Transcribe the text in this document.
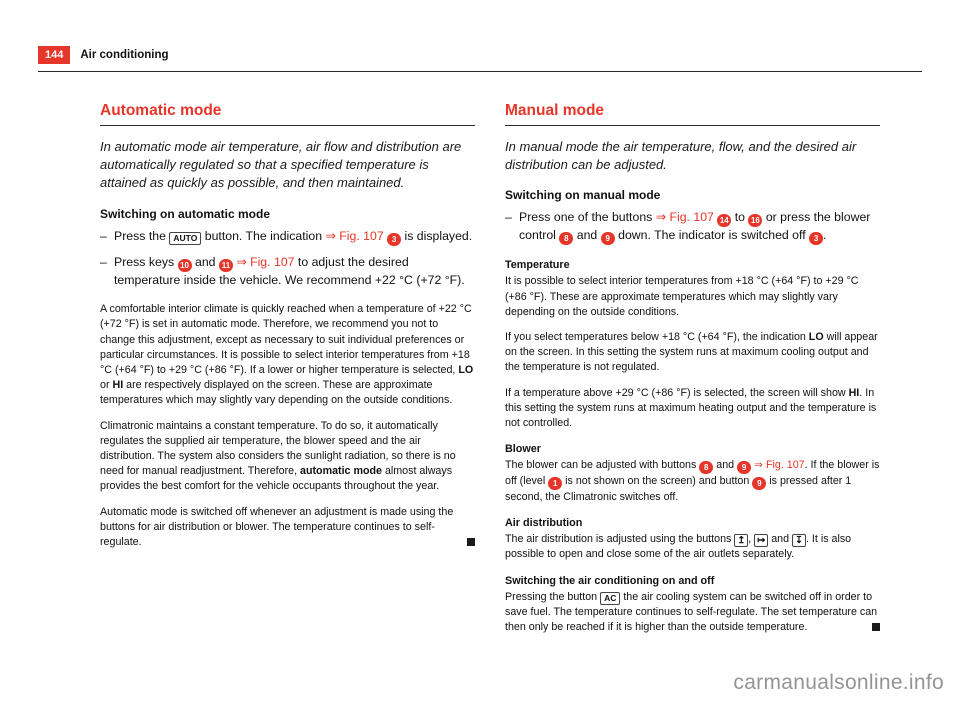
144	Air conditioning
Automatic mode

In automatic mode air temperature, air flow and distribution are automatically regulated so that a specified temperature is attained as quickly as possible, and then maintained.

Switching on automatic mode
– Press the AUTO button. The indication ⇒ Fig. 107 3 is displayed.
– Press keys 10 and 11 ⇒ Fig. 107 to adjust the desired temperature inside the vehicle. We recommend +22 °C (+72 °F).

A comfortable interior climate is quickly reached when a temperature of +22 °C (+72 °F) is set in automatic mode. Therefore, we recommend you not to change this adjustment, except as necessary to suit individual preferences or particular circumstances. It is possible to select interior temperatures from +18 °C (+64 °F) to +29 °C (+86 °F). If a lower or higher temperature is selected, LO or HI are respectively displayed on the screen. These are approximate temperatures which may slightly vary depending on the outside conditions.

Climatronic maintains a constant temperature. To do so, it automatically regulates the supplied air temperature, the blower speed and the air distribution. The system also considers the sunlight radiation, so there is no need for manual readjustment. Therefore, automatic mode almost always provides the best comfort for the vehicle occupants throughout the year.

Automatic mode is switched off whenever an adjustment is made using the buttons for air distribution or blower. The temperature continues to self-regulate.

Manual mode

In manual mode the air temperature, flow, and the desired air distribution can be adjusted.

Switching on manual mode
– Press one of the buttons ⇒ Fig. 107 14 to 16 or press the blower control 8 and 9 down. The indicator is switched off 3 .
Temperature

It is possible to select interior temperatures from +18 °C (+64 °F) to +29 °C (+86 °F). These are approximate temperatures which may slightly vary depending on the outside conditions.

If you select temperatures below +18 °C (+64 °F), the indication LO will appear on the screen. In this setting the system runs at maximum cooling output and the temperature is not regulated.

If a temperature above +29 °C (+86 °F) is selected, the screen will show HI. In this setting the system runs at maximum heating output and the temperature is not controlled.

Blower

The blower can be adjusted with buttons 8 and 9 ⇒ Fig. 107. If the blower is off (level 1 is not shown on the screen) and button 9 is pressed after 1 second, the Climatronic switches off.

Air distribution

The air distribution is adjusted using the buttons ↥ , ↦ and ↧ . It is also possible to open and close some of the air outlets separately.

Switching the air conditioning on and off

Pressing the button AC the air cooling system can be switched off in order to save fuel. The temperature continues to self-regulate. The set temperature can then only be reached if it is higher than the outside temperature.

carmanualsonline.info
